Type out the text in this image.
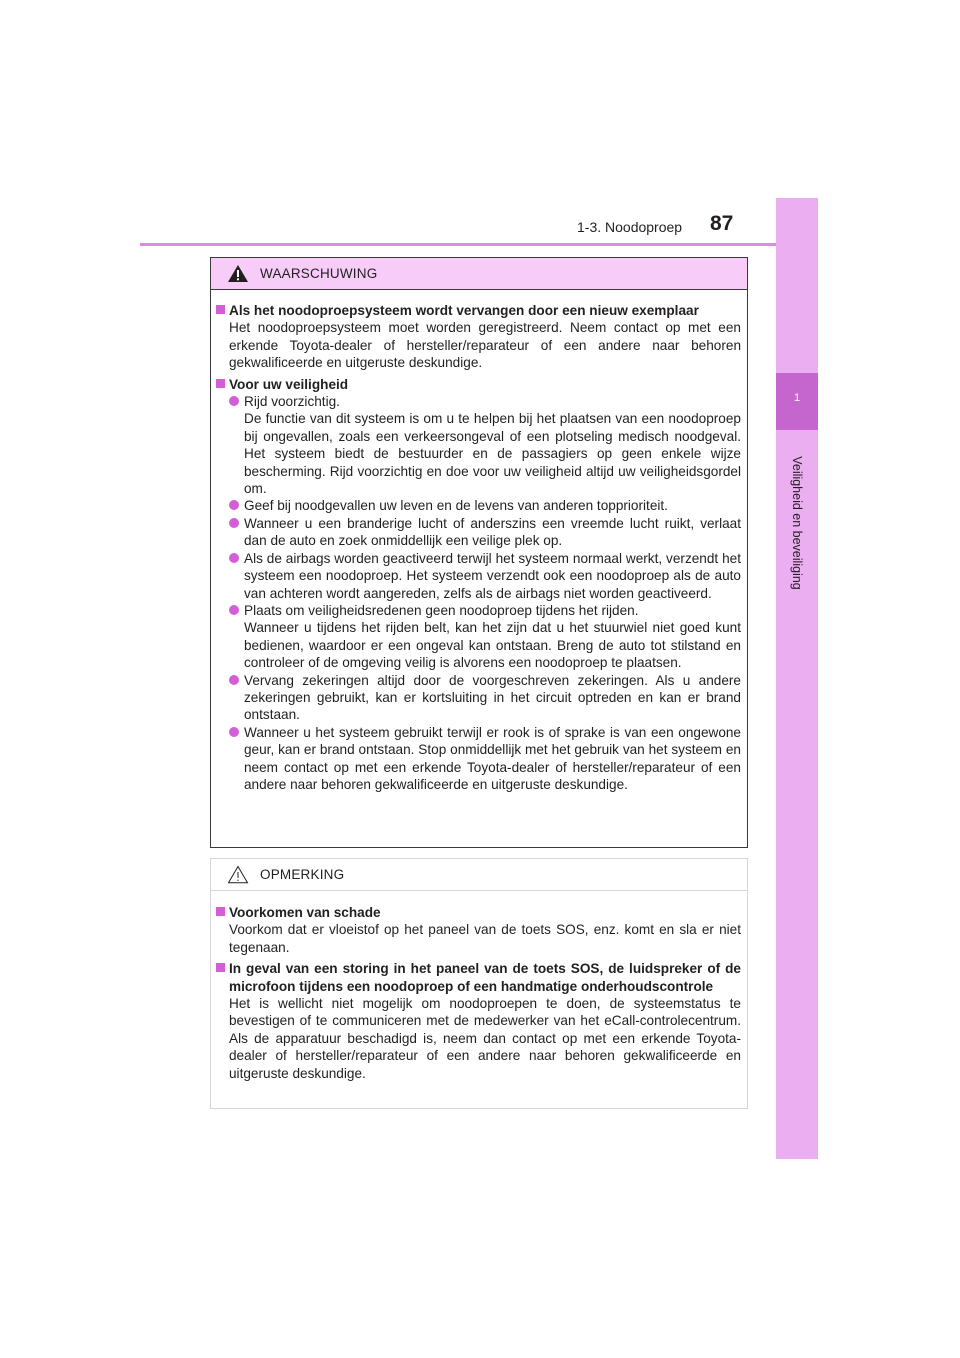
1-3. Noodoproep 87
1
Veiligheid en beveiliging
WAARSCHUWING
Als het noodoproepsysteem wordt vervangen door een nieuw exemplaar
Het noodoproepsysteem moet worden geregistreerd. Neem contact op met een erkende Toyota-dealer of hersteller/reparateur of een andere naar behoren gekwalificeerde en uitgeruste deskundige.
Voor uw veiligheid

Rijd voorzichtig.

De functie van dit systeem is om u te helpen bij het plaatsen van een noodoproep bij ongevallen, zoals een verkeersongeval of een plotseling medisch noodgeval. Het systeem biedt de bestuurder en de passagiers op geen enkele wijze bescherming. Rijd voorzichtig en doe voor uw veiligheid altijd uw veiligheidsgordel om.

Geef bij noodgevallen uw leven en de levens van anderen topprioriteit.

Wanneer u een branderige lucht of anderszins een vreemde lucht ruikt, verlaat dan de auto en zoek onmiddellijk een veilige plek op.

Als de airbags worden geactiveerd terwijl het systeem normaal werkt, verzendt het systeem een noodoproep. Het systeem verzendt ook een noodoproep als de auto van achteren wordt aangereden, zelfs als de airbags niet worden geactiveerd.

Plaats om veiligheidsredenen geen noodoproep tijdens het rijden.

Wanneer u tijdens het rijden belt, kan het zijn dat u het stuurwiel niet goed kunt bedienen, waardoor er een ongeval kan ontstaan. Breng de auto tot stilstand en controleer of de omgeving veilig is alvorens een noodoproep te plaatsen.

Vervang zekeringen altijd door de voorgeschreven zekeringen. Als u andere zekeringen gebruikt, kan er kortsluiting in het circuit optreden en kan er brand ontstaan.

Wanneer u het systeem gebruikt terwijl er rook is of sprake is van een ongewone geur, kan er brand ontstaan. Stop onmiddellijk met het gebruik van het systeem en neem contact op met een erkende Toyota-dealer of hersteller/reparateur of een andere naar behoren gekwalificeerde en uitgeruste deskundige.

OPMERKING
Voorkomen van schade
Voorkom dat er vloeistof op het paneel van de toets SOS, enz. komt en sla er niet tegenaan.
In geval van een storing in het paneel van de toets SOS, de luidspreker of de microfoon tijdens een noodoproep of een handmatige onderhoudscontrole
Het is wellicht niet mogelijk om noodoproepen te doen, de systeemstatus te bevestigen of te communiceren met de medewerker van het eCall-controlecentrum. Als de apparatuur beschadigd is, neem dan contact op met een erkende Toyota-dealer of hersteller/reparateur of een andere naar behoren gekwalificeerde en uitgeruste deskundige.
